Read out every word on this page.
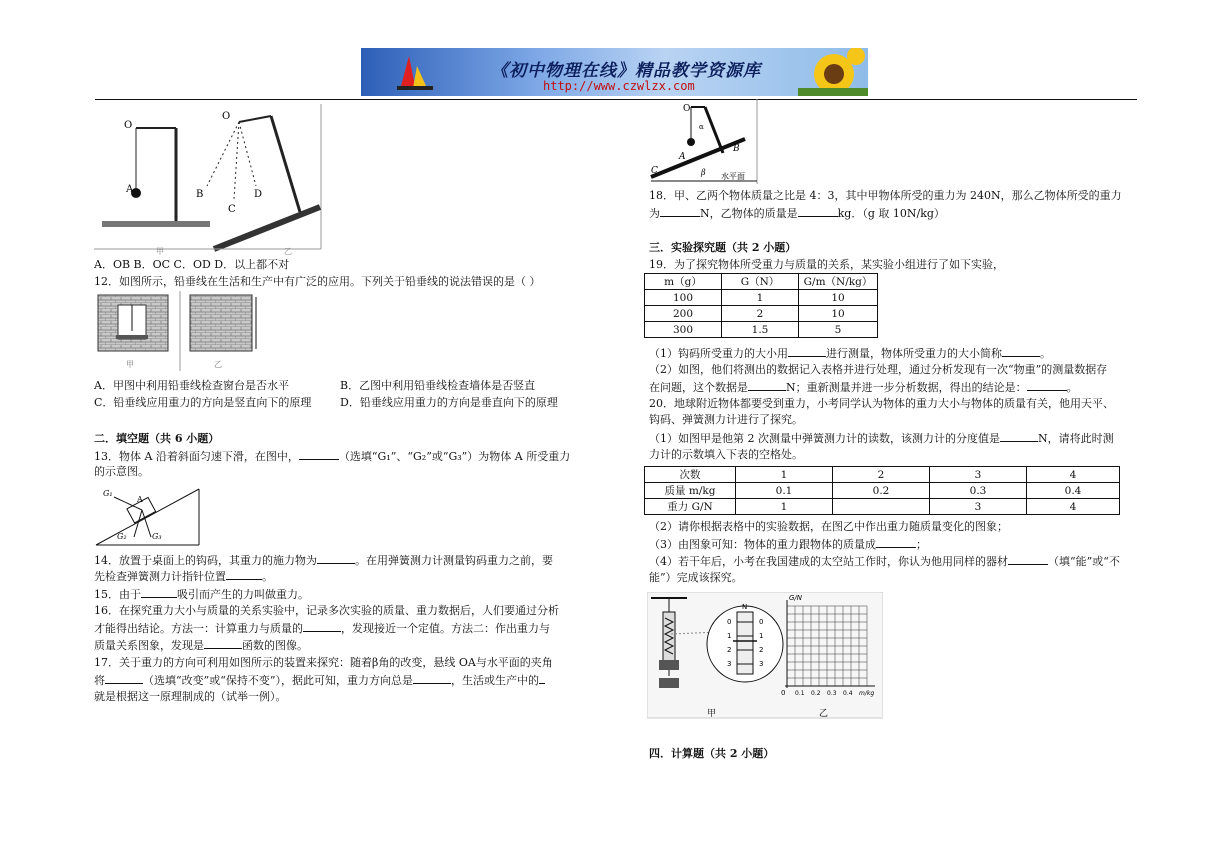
《初中物理在线》精品教学资源库
http://www.czwlzx.com
O
A
O
B
C
D
甲	乙
A．OB B．OC C．OD D．以上都不对
12．如图所示，铅垂线在生活和生产中有广泛的应用。下列关于铅垂线的说法错误的是（ ）
甲	乙
A．甲图中利用铅垂线检查窗台是否水平	B．乙图中利用铅垂线检查墙体是否竖直
C．铅垂线应用重力的方向是竖直向下的原理	D．铅垂线应用重力的方向是垂直向下的原理
二．填空题（共 6 小题）
13．物体 A 沿着斜面匀速下滑，在图中，	（选填“G₁”、“G₂”或“G₃”）为物体 A 所受重力
的示意图。
G₁
A
G₂	G₃
14．放置于桌面上的钩码，其重力的施力物为	。在用弹簧测力计测量钩码重力之前，要
先检查弹簧测力计指针位置	。
15．由于	吸引而产生的力叫做重力。
16．在探究重力大小与质量的关系实验中，记录多次实验的质量、重力数据后，人们要通过分析
才能得出结论。方法一：计算重力与质量的	，发现接近一个定值。方法二：作出重力与
质量关系图象，发现是	函数的图像。
17．关于重力的方向可利用如图所示的装置来探究：随着β角的改变，悬线 OA与水平面的夹角
将	（选填“改变”或“保持不变”），据此可知，重力方向总是	，生活或生产中的
就是根据这一原理制成的（试举一例）。
O
A
C
B
α
β 水平面
18．甲、乙两个物体质量之比是 4：3，其中甲物体所受的重力为 240N，那么乙物体所受的重力
为	N，乙物体的质量是	kg．（g 取 10N/kg）
三．实验探究题（共 2 小题）
19．为了探究物体所受重力与质量的关系，某实验小组进行了如下实验，
m（g）	G（N）	G/m（N/kg）
100	1	10
200	2	10
300	1.5	5
（1）钩码所受重力的大小用	进行测量，物体所受重力的大小简称	。
（2）如图，他们将测出的数据记入表格并进行处理，通过分析发现有一次“物重”的测量数据存
在问题，这个数据是	N；重新测量并进一步分析数据，得出的结论是：	。
20．地球附近物体都要受到重力，小考同学认为物体的重力大小与物体的质量有关，他用天平、
钩码、弹簧测力计进行了探究。
（1）如图甲是他第 2 次测量中弹簧测力计的读数，该测力计的分度值是	N，请将此时测
力计的示数填入下表的空格处。
次数	1	2	3	4
质量 m/kg	0.1	0.2	0.3	0.4
重力 G/N	1		3	4
（2）请你根据表格中的实验数据，在图乙中作出重力随质量变化的图象；
（3）由图象可知：物体的重力跟物体的质量成	；
（4）若干年后，小考在我国建成的太空站工作时，你认为他用同样的器材	（填“能”或“不
能”）完成该探究。
N
0	0
1	1
2	2
3	3
G/N
0 0.1 0.2 0.3 0.4 m/kg
甲	乙
四．计算题（共 2 小题）
